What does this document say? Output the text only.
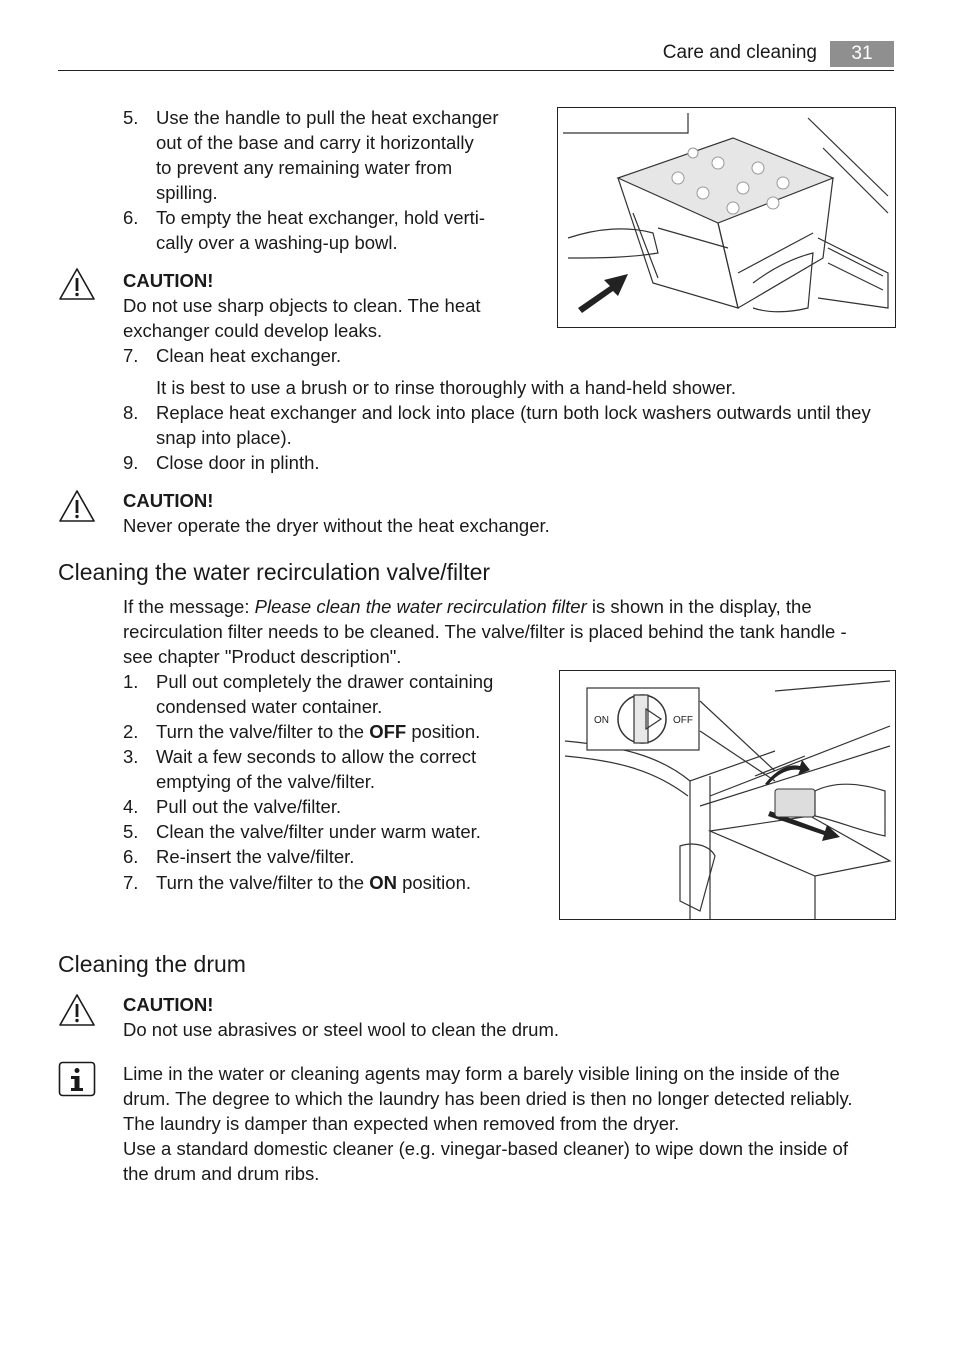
Care and cleaning	31
5. Use the handle to pull the heat exchanger
out of the base and carry it horizontally
to prevent any remaining water from
spilling.
6. To empty the heat exchanger, hold verti-
cally over a washing-up bowl.
CAUTION!
Do not use sharp objects to clean. The heat
exchanger could develop leaks.
7. Clean heat exchanger.
It is best to use a brush or to rinse thoroughly with a hand-held shower.
8. Replace heat exchanger and lock into place (turn both lock washers outwards until they
snap into place).
9. Close door in plinth.
CAUTION!
Never operate the dryer without the heat exchanger.
Cleaning the water recirculation valve/filter
If the message: Please clean the water recirculation filter is shown in the display, the
recirculation filter needs to be cleaned. The valve/filter is placed behind the tank handle -
see chapter "Product description".
1. Pull out completely the drawer containing
condensed water container.
2. Turn the valve/filter to the OFF position.
3. Wait a few seconds to allow the correct
emptying of the valve/filter.
4. Pull out the valve/filter.
5. Clean the valve/filter under warm water.
6. Re-insert the valve/filter.
7. Turn the valve/filter to the ON position.
ON	OFF
Cleaning the drum
CAUTION!
Do not use abrasives or steel wool to clean the drum.
Lime in the water or cleaning agents may form a barely visible lining on the inside of the
drum. The degree to which the laundry has been dried is then no longer detected reliably.
The laundry is damper than expected when removed from the dryer.
Use a standard domestic cleaner (e.g. vinegar-based cleaner) to wipe down the inside of
the drum and drum ribs.
